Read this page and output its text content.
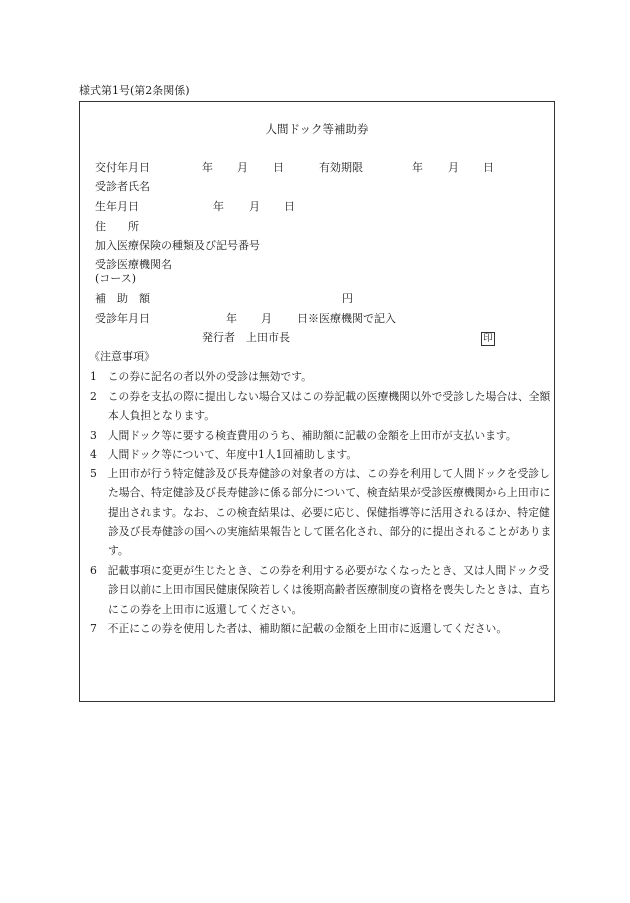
様式第1号(第2条関係)
人間ドック等補助券
交付年月日	年 月 日	有効期限	年 月 日
受診者氏名
生年月日	年 月 日
住　　所
加入医療保険の種類及び記号番号
受診医療機関名
(コース)
補　助　額	円
受診年月日	年 月 日※医療機関で記入
発行者　上田市長	印
《注意事項》
1　この券に記名の者以外の受診は無効です。
2　この券を支払の際に提出しない場合又はこの券記載の医療機関以外で受診した場合は、全額本人負担となります。
3　人間ドック等に要する検査費用のうち、補助額に記載の金額を上田市が支払います。
4　人間ドック等について、年度中1人1回補助します。
5　上田市が行う特定健診及び長寿健診の対象者の方は、この券を利用して人間ドックを受診した場合、特定健診及び長寿健診に係る部分について、検査結果が受診医療機関から上田市に提出されます。なお、この検査結果は、必要に応じ、保健指導等に活用されるほか、特定健診及び長寿健診の国への実施結果報告として匿名化され、部分的に提出されることがあります。
6　記載事項に変更が生じたとき、この券を利用する必要がなくなったとき、又は人間ドック受診日以前に上田市国民健康保険若しくは後期高齢者医療制度の資格を喪失したときは、直ちにこの券を上田市に返還してください。
7　不正にこの券を使用した者は、補助額に記載の金額を上田市に返還してください。
